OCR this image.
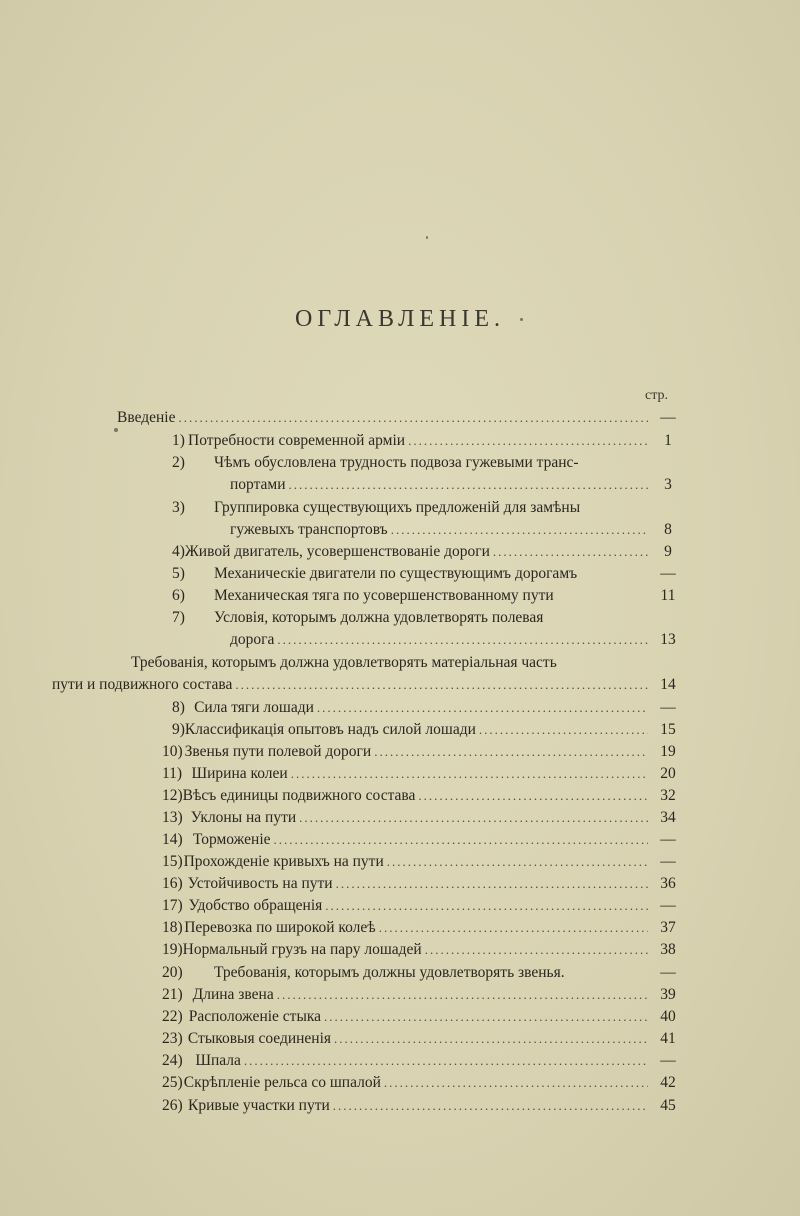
ОГЛАВЛЕНІЕ.
стр.
Введеніе .....	—
1) Потребности современной арміи .....	1
2)	Чѣмъ обусловлена трудность подвоза гужевыми транс-
портами .....	3
3)	Группировка существующихъ предложеній для замѣны
гужевыхъ транспортовъ .....	8
4) Живой двигатель, усовершенствованіе дороги .....	9
5)	Механическіе двигатели по существующимъ дорогамъ	—
6)	Механическая тяга по усовершенствованному пути	11
7)	Условія, которымъ должна удовлетворять полевая
дорога .....	13
Требованія, которымъ должна удовлетворять матеріальная часть
пути и подвижного состава .....	14
8) Сила тяги лошади .....	—
9) Классификація опытовъ надъ силой лошади .....	15
10) Звенья пути полевой дороги .....	19
11) Ширина колеи .....	20
12) Вѣсъ единицы подвижного состава .....	32
13) Уклоны на пути .....	34
14) Торможеніе .....	—
15) Прохожденіе кривыхъ на пути .....	—
16) Устойчивость на пути .....	36
17) Удобство обращенія .....	—
18) Перевозка по широкой колеѣ .....	37
19) Нормальный грузъ на пару лошадей .....	38
20)	Требованія, которымъ должны удовлетворять звенья.	—
21) Длина звена .....	39
22) Расположеніе стыка .....	40
23) Стыковыя соединенія .....	41
24) Шпала .....	—
25) Скрѣпленіе рельса со шпалой .....	42
26) Кривые участки пути .....	45
